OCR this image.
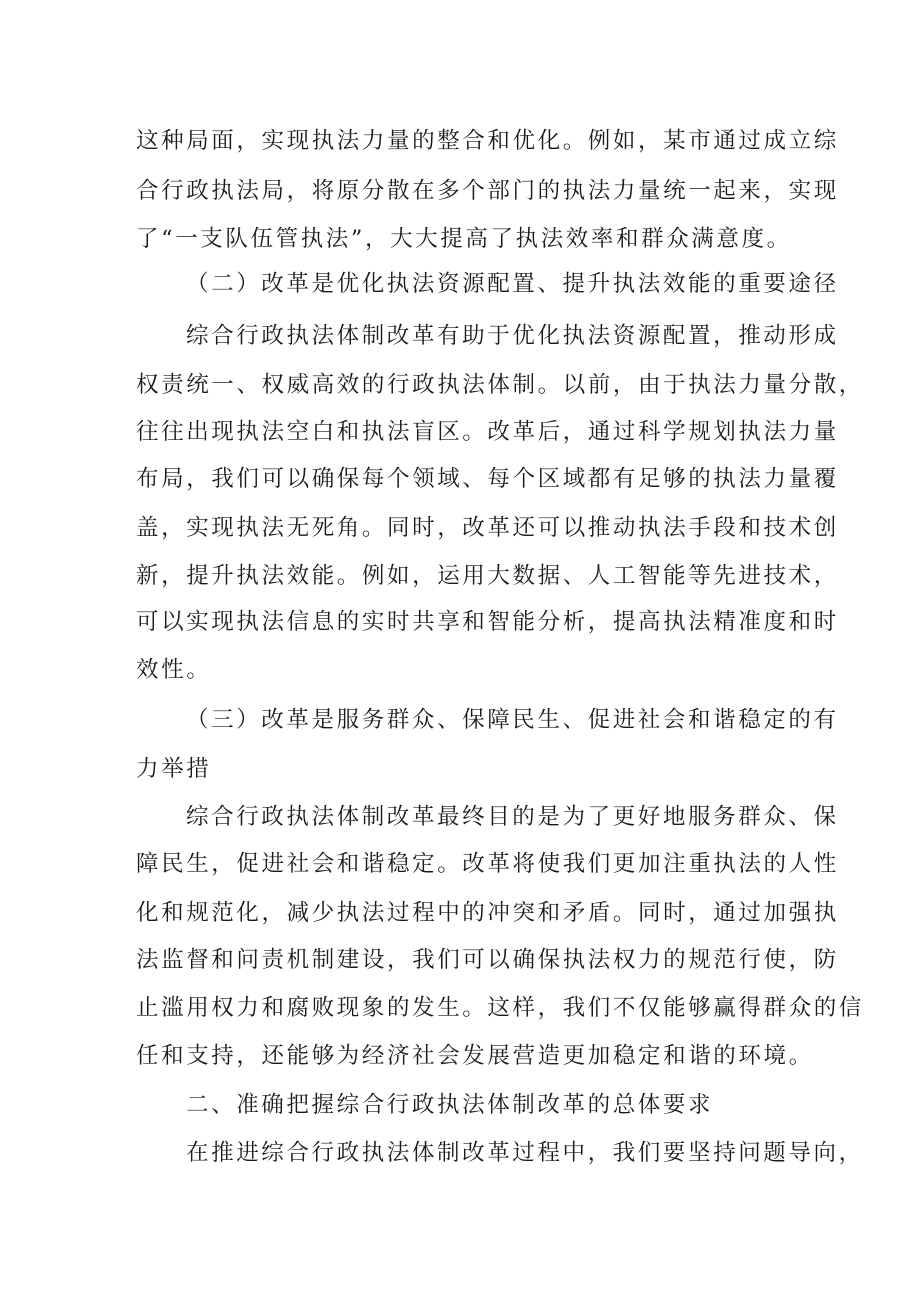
这种局面，实现执法力量的整合和优化。例如，某市通过成立综
合行政执法局，将原分散在多个部门的执法力量统一起来，实现
了“一支队伍管执法”，大大提高了执法效率和群众满意度。
（二）改革是优化执法资源配置、提升执法效能的重要途径
综合行政执法体制改革有助于优化执法资源配置，推动形成
权责统一、权威高效的行政执法体制。以前，由于执法力量分散，
往往出现执法空白和执法盲区。改革后，通过科学规划执法力量
布局，我们可以确保每个领域、每个区域都有足够的执法力量覆
盖，实现执法无死角。同时，改革还可以推动执法手段和技术创
新，提升执法效能。例如，运用大数据、人工智能等先进技术，
可以实现执法信息的实时共享和智能分析，提高执法精准度和时
效性。
（三）改革是服务群众、保障民生、促进社会和谐稳定的有
力举措
综合行政执法体制改革最终目的是为了更好地服务群众、保
障民生，促进社会和谐稳定。改革将使我们更加注重执法的人性
化和规范化，减少执法过程中的冲突和矛盾。同时，通过加强执
法监督和问责机制建设，我们可以确保执法权力的规范行使，防
止滥用权力和腐败现象的发生。这样，我们不仅能够赢得群众的信
任和支持，还能够为经济社会发展营造更加稳定和谐的环境。
二、准确把握综合行政执法体制改革的总体要求
在推进综合行政执法体制改革过程中，我们要坚持问题导向，
